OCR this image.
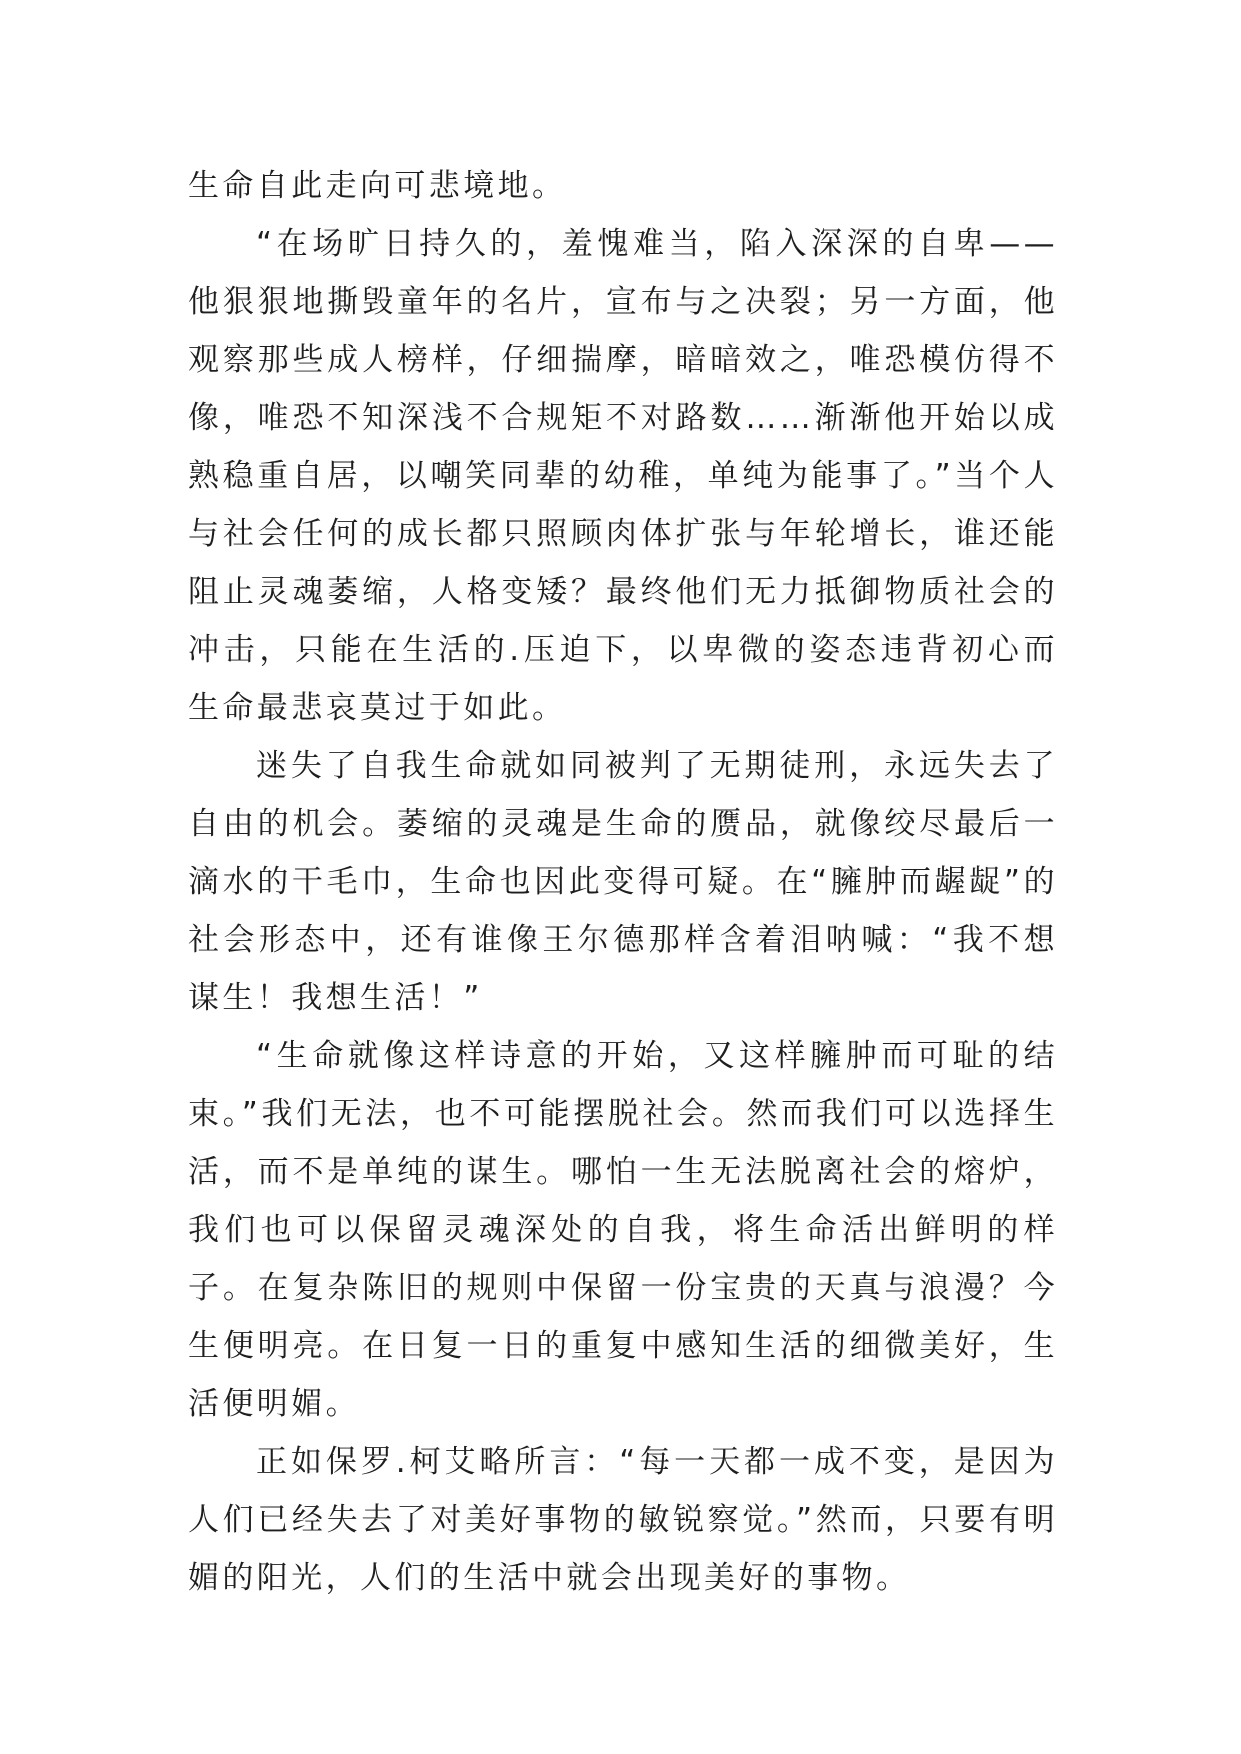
生命自此走向可悲境地。

“在场旷日持久的，羞愧难当，陷入深深的自卑——他狠狠地撕毁童年的名片，宣布与之决裂；另一方面，他观察那些成人榜样，仔细揣摩，暗暗效之，唯恐模仿得不像，唯恐不知深浅不合规矩不对路数……渐渐他开始以成熟稳重自居，以嘲笑同辈的幼稚，单纯为能事了。”当个人与社会任何的成长都只照顾肉体扩张与年轮增长，谁还能阻止灵魂萎缩，人格变矮？最终他们无力抵御物质社会的冲击，只能在生活的.压迫下，以卑微的姿态违背初心而生命最悲哀莫过于如此。

迷失了自我生命就如同被判了无期徒刑，永远失去了自由的机会。萎缩的灵魂是生命的赝品，就像绞尽最后一滴水的干毛巾，生命也因此变得可疑。在“臃肿而龌龊”的社会形态中，还有谁像王尔德那样含着泪呐喊：“我不想谋生！我想生活！”

“生命就像这样诗意的开始，又这样臃肿而可耻的结束。”我们无法，也不可能摆脱社会。然而我们可以选择生活，而不是单纯的谋生。哪怕一生无法脱离社会的熔炉，我们也可以保留灵魂深处的自我，将生命活出鲜明的样子。在复杂陈旧的规则中保留一份宝贵的天真与浪漫？今生便明亮。在日复一日的重复中感知生活的细微美好，生活便明媚。

正如保罗.柯艾略所言：“每一天都一成不变，是因为人们已经失去了对美好事物的敏锐察觉。”然而，只要有明媚的阳光，人们的生活中就会出现美好的事物。
